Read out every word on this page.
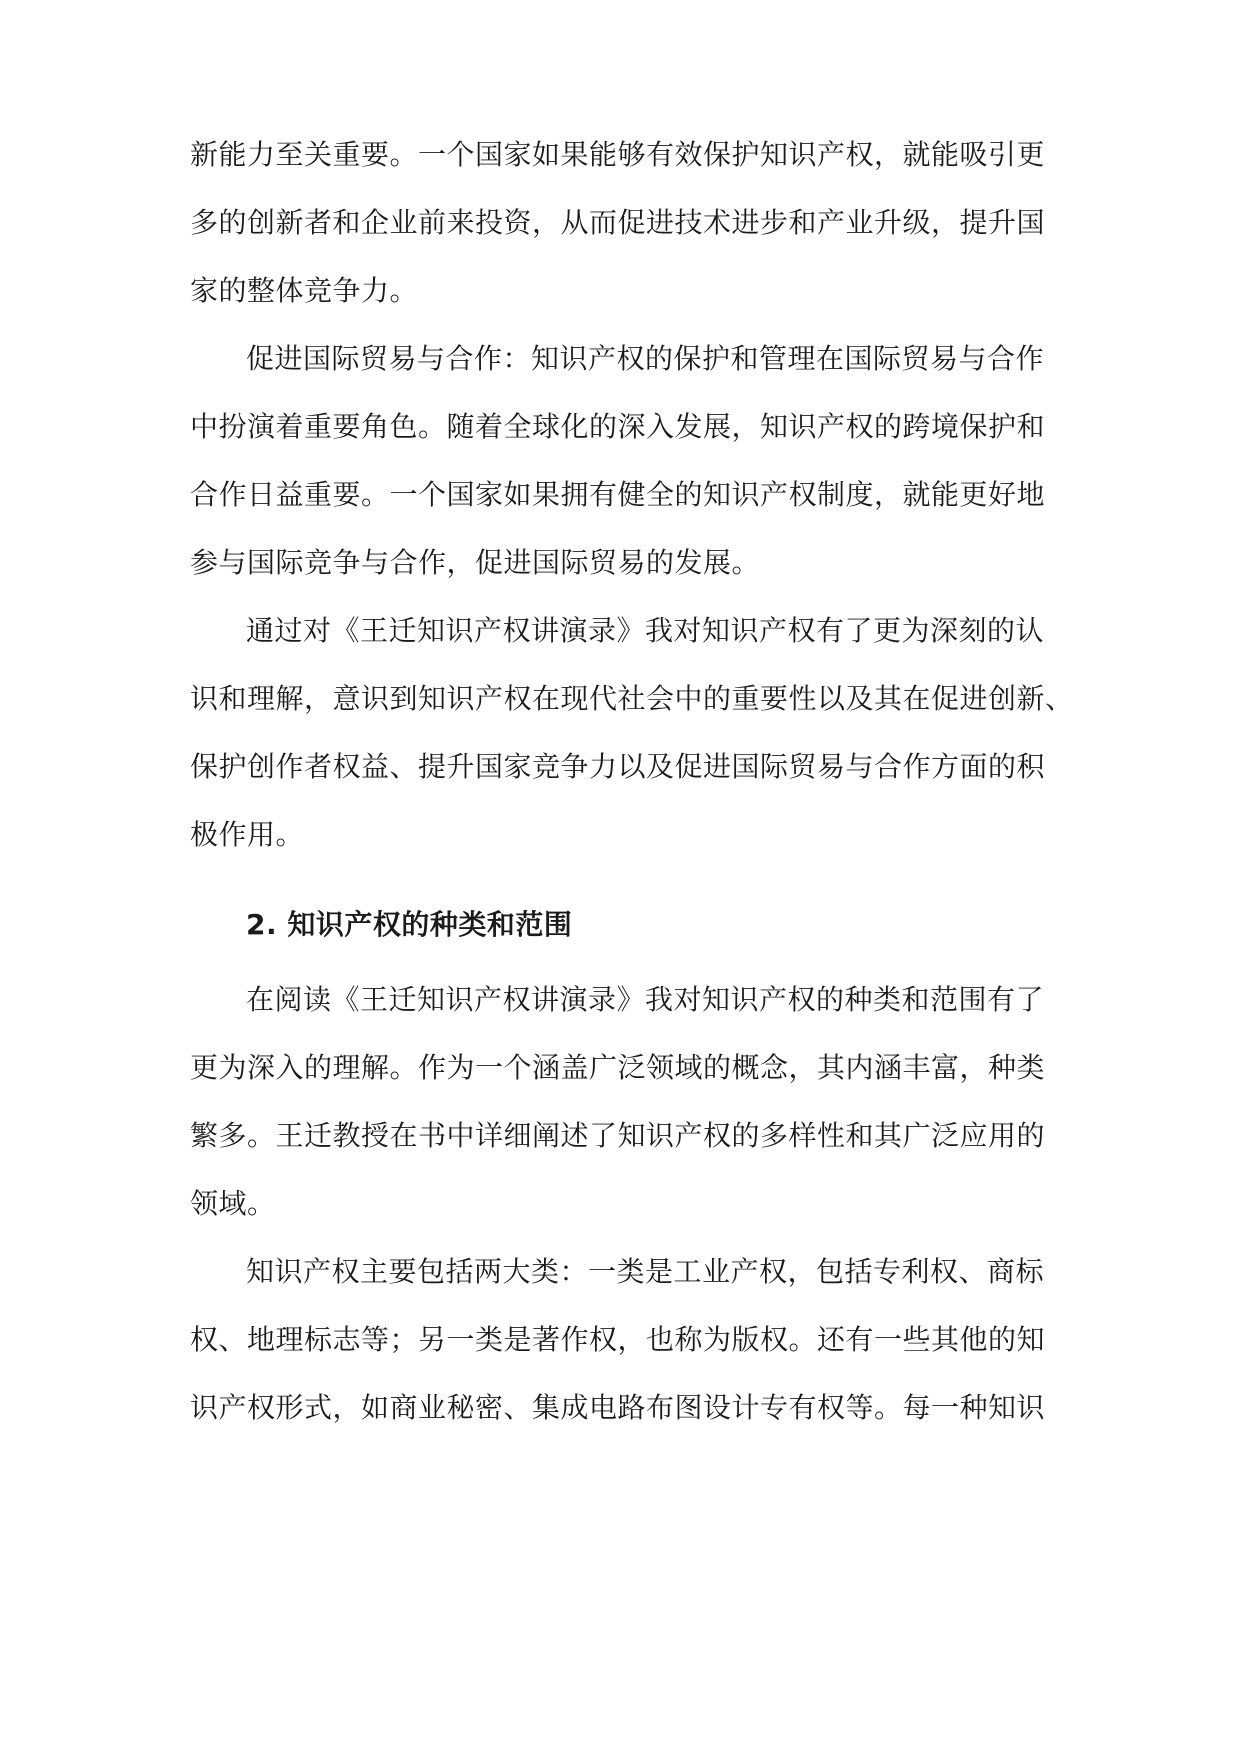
新能力至关重要。一个国家如果能够有效保护知识产权，就能吸引更
多的创新者和企业前来投资，从而促进技术进步和产业升级，提升国
家的整体竞争力。
促进国际贸易与合作：知识产权的保护和管理在国际贸易与合作
中扮演着重要角色。随着全球化的深入发展，知识产权的跨境保护和
合作日益重要。一个国家如果拥有健全的知识产权制度，就能更好地
参与国际竞争与合作，促进国际贸易的发展。
通过对《王迁知识产权讲演录》我对知识产权有了更为深刻的认
识和理解，意识到知识产权在现代社会中的重要性以及其在促进创新、
保护创作者权益、提升国家竞争力以及促进国际贸易与合作方面的积
极作用。
2. 知识产权的种类和范围
在阅读《王迁知识产权讲演录》我对知识产权的种类和范围有了
更为深入的理解。作为一个涵盖广泛领域的概念，其内涵丰富，种类
繁多。王迁教授在书中详细阐述了知识产权的多样性和其广泛应用的
领域。
知识产权主要包括两大类：一类是工业产权，包括专利权、商标
权、地理标志等；另一类是著作权，也称为版权。还有一些其他的知
识产权形式，如商业秘密、集成电路布图设计专有权等。每一种知识
